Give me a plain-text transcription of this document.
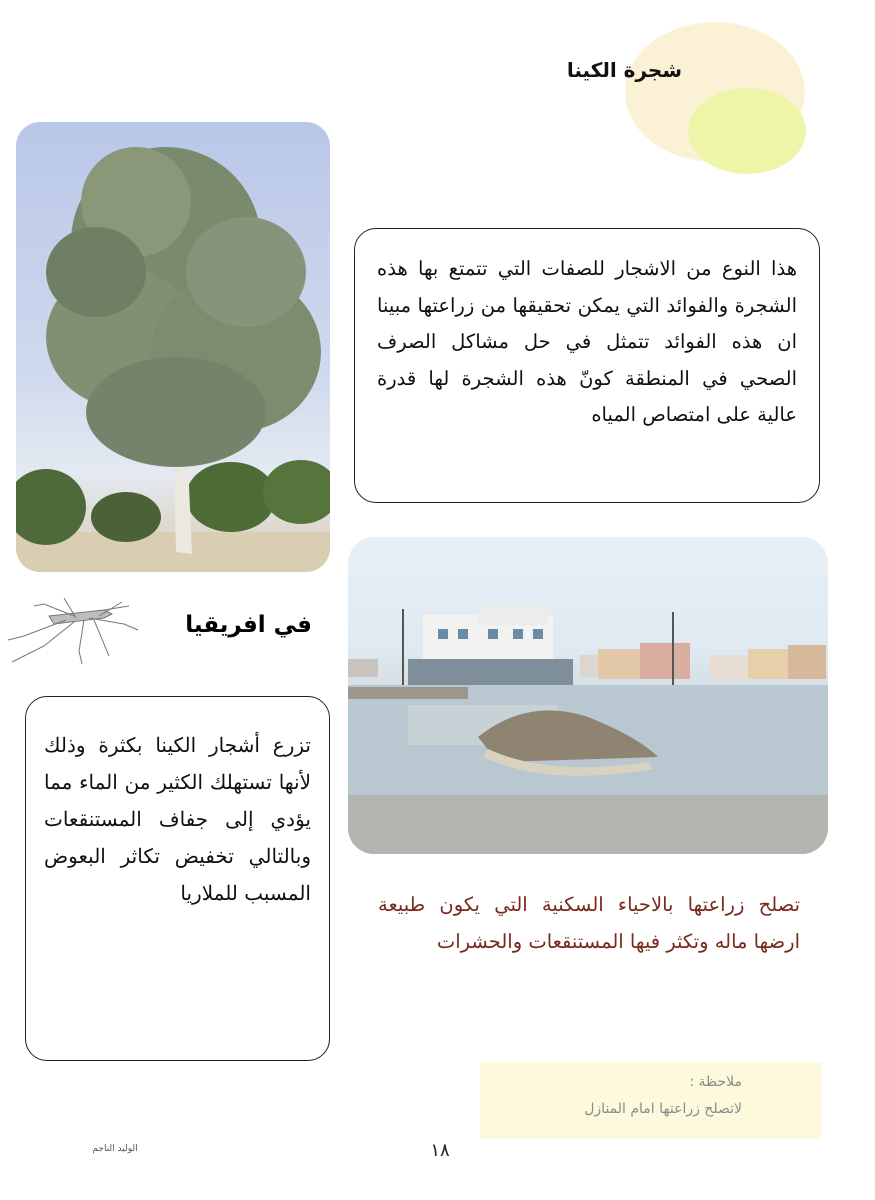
شجرة الكينا
هذا النوع من الاشجار للصفات التي تتمتع بها هذه الشجرة والفوائد التي يمكن تحقيقها من زراعتها مبينا ان هذه الفوائد تتمثل في حل مشاكل الصرف الصحي في المنطقة كونّ هذه الشجرة لها قدرة عالية على امتصاص المياه
في افريقيا
تزرع أشجار الكينا بكثرة وذلك لأنها تستهلك الكثير من الماء مما يؤدي إلى جفاف المستنقعات وبالتالي تخفيض تكاثر البعوض المسبب للملاريا	تصلح زراعتها بالاحياء السكنية التي يكون طبيعة ارضها ماله وتكثر فيها المستنقعات والحشرات
ملاحظة :
لاتصلح زراعتها امام المنازل
الوليد الناجم	١٨
